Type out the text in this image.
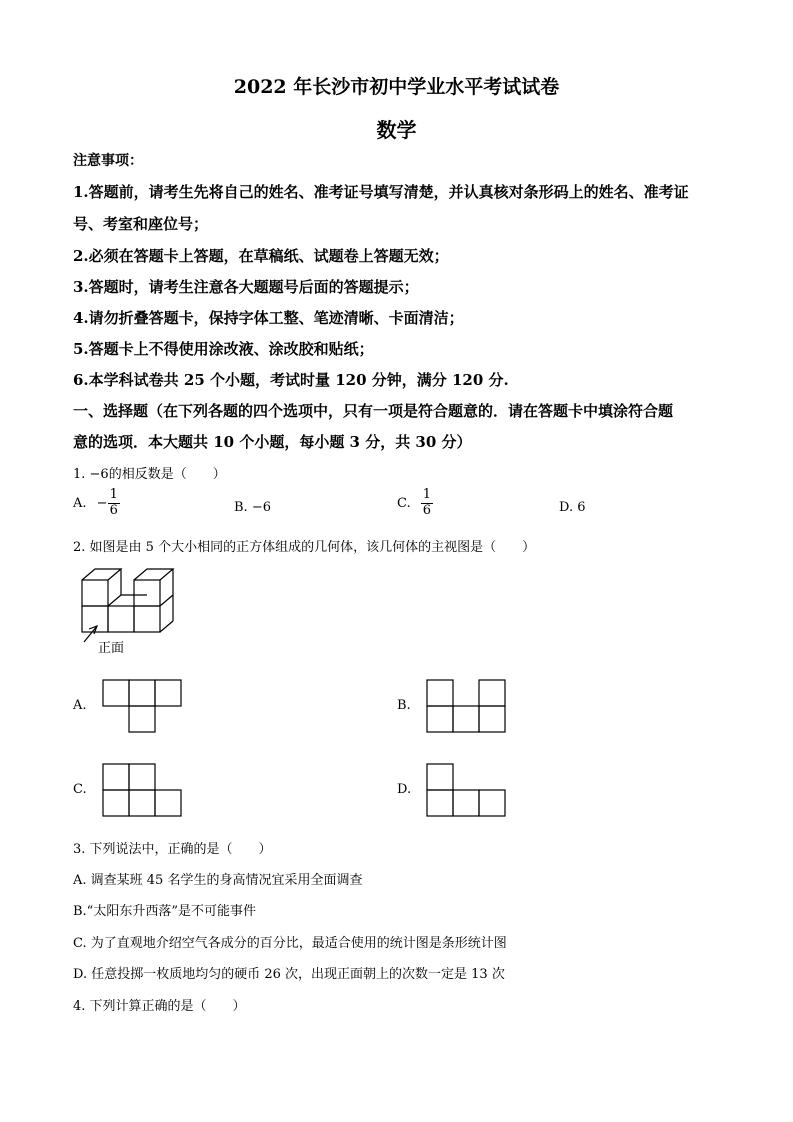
2022 年长沙市初中学业水平考试试卷
数学
注意事项：
1.答题前，请考生先将自己的姓名、准考证号填写清楚，并认真核对条形码上的姓名、准考证
号、考室和座位号；
2.必须在答题卡上答题，在草稿纸、试题卷上答题无效；
3.答题时，请考生注意各大题题号后面的答题提示；
4.请勿折叠答题卡，保持字体工整、笔迹清晰、卡面清洁；
5.答题卡上不得使用涂改液、涂改胶和贴纸；
6.本学科试卷共 25 个小题，考试时量 120 分钟，满分 120 分.
一、选择题（在下列各题的四个选项中，只有一项是符合题意的．请在答题卡中填涂符合题
意的选项．本大题共 10 个小题，每小题 3 分，共 30 分）
1. −6的相反数是（　　）
A. − $\frac{1}{6}$	B. −6	C. $\frac{1}{6}$	D. 6
2. 如图是由 5 个大小相同的正方体组成的几何体，该几何体的主视图是（　　）
正面
A.	B.
C.	D.
3. 下列说法中，正确的是（　　）
A. 调查某班 45 名学生的身高情况宜采用全面调查
B.“太阳东升西落”是不可能事件
C. 为了直观地介绍空气各成分的百分比，最适合使用的统计图是条形统计图
D. 任意投掷一枚质地均匀的硬币 26 次，出现正面朝上的次数一定是 13 次
4. 下列计算正确的是（　　）
